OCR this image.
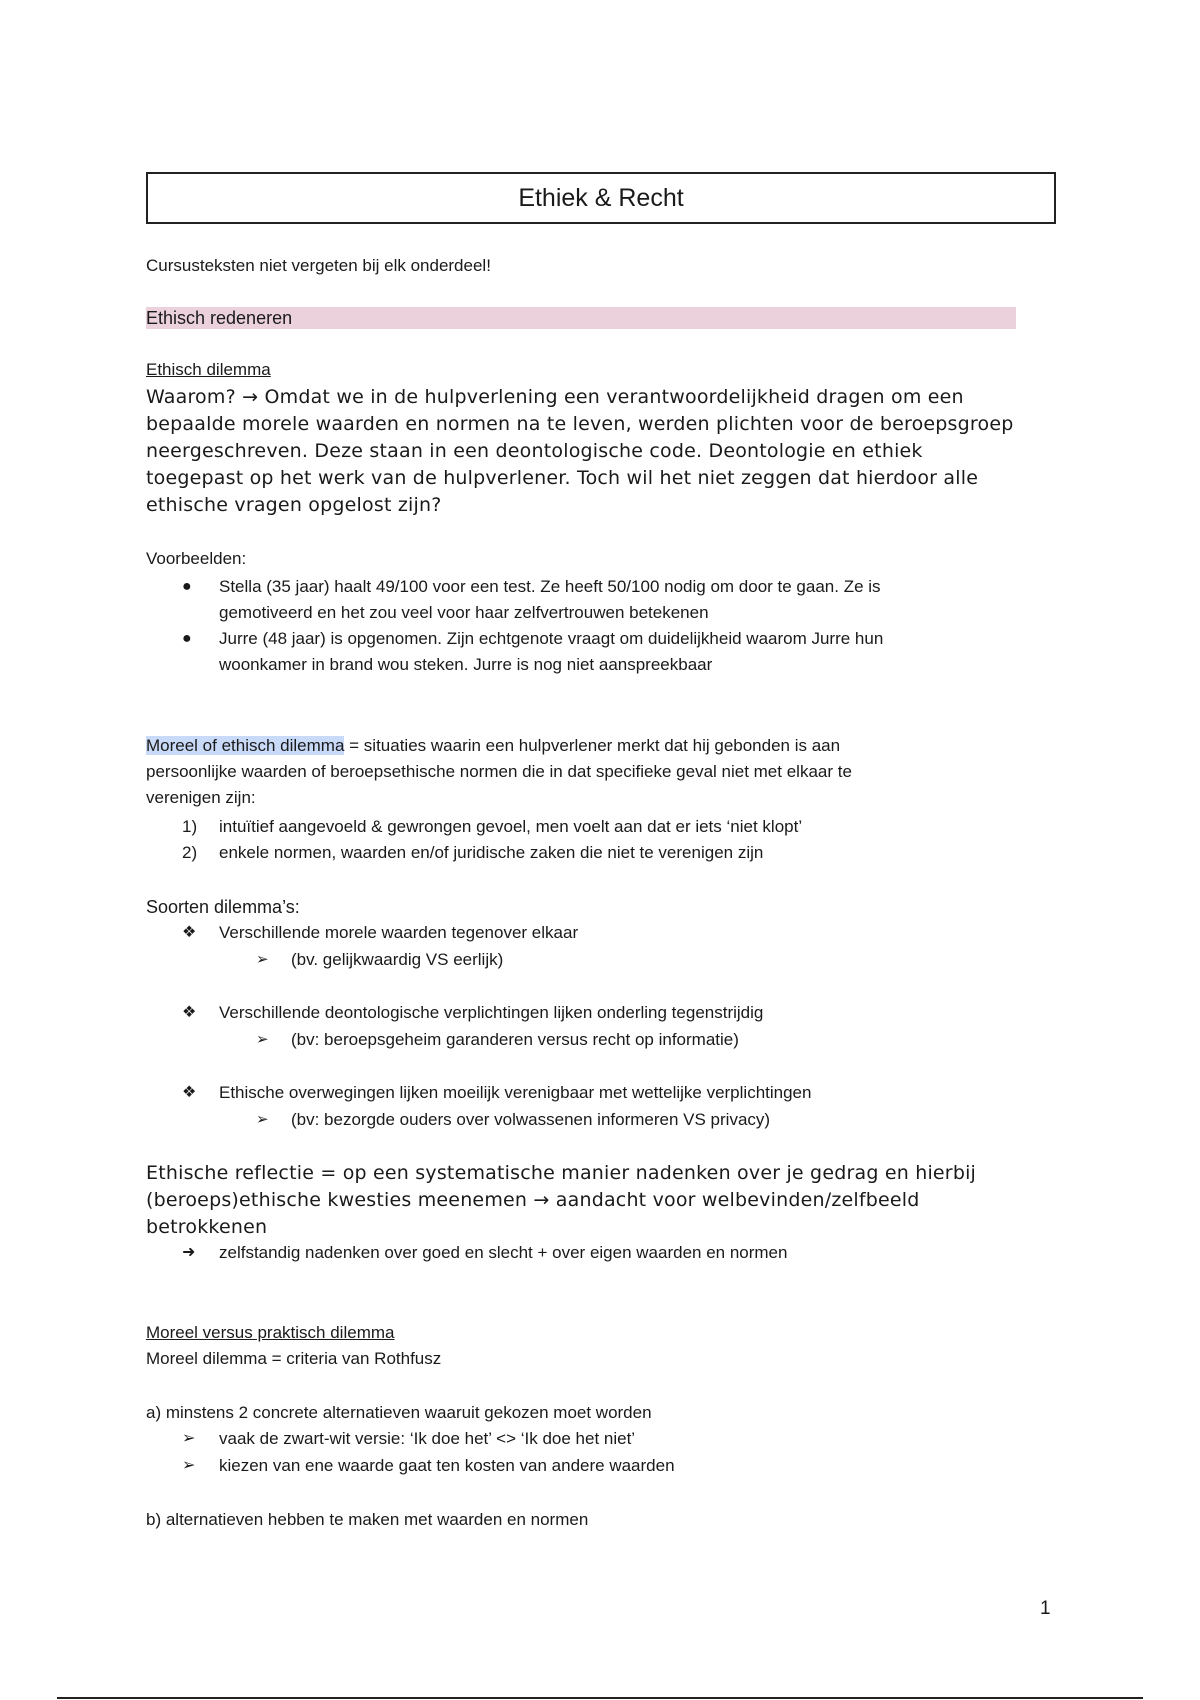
Ethiek & Recht
Cursusteksten niet vergeten bij elk onderdeel!
Ethisch redeneren
Ethisch dilemma
Waarom? → Omdat we in de hulpverlening een verantwoordelijkheid dragen om een
bepaalde morele waarden en normen na te leven, werden plichten voor de beroepsgroep
neergeschreven. Deze staan in een deontologische code. Deontologie en ethiek
toegepast op het werk van de hulpverlener. Toch wil het niet zeggen dat hierdoor alle
ethische vragen opgelost zijn?
Voorbeelden:
● Stella (35 jaar) haalt 49/100 voor een test. Ze heeft 50/100 nodig om door te gaan. Ze is
gemotiveerd en het zou veel voor haar zelfvertrouwen betekenen
● Jurre (48 jaar) is opgenomen. Zijn echtgenote vraagt om duidelijkheid waarom Jurre hun
woonkamer in brand wou steken. Jurre is nog niet aanspreekbaar
Moreel of ethisch dilemma = situaties waarin een hulpverlener merkt dat hij gebonden is aan
persoonlijke waarden of beroepsethische normen die in dat specifieke geval niet met elkaar te
verenigen zijn:
1) intuïtief aangevoeld & gewrongen gevoel, men voelt aan dat er iets ‘niet klopt’
2) enkele normen, waarden en/of juridische zaken die niet te verenigen zijn
Soorten dilemma’s:
❖ Verschillende morele waarden tegenover elkaar
➢ (bv. gelijkwaardig VS eerlijk)
❖ Verschillende deontologische verplichtingen lijken onderling tegenstrijdig
➢ (bv: beroepsgeheim garanderen versus recht op informatie)
❖ Ethische overwegingen lijken moeilijk verenigbaar met wettelijke verplichtingen
➢ (bv: bezorgde ouders over volwassenen informeren VS privacy)
Ethische reflectie = op een systematische manier nadenken over je gedrag en hierbij
(beroeps)ethische kwesties meenemen → aandacht voor welbevinden/zelfbeeld
betrokkenen
➜ zelfstandig nadenken over goed en slecht + over eigen waarden en normen
Moreel versus praktisch dilemma
Moreel dilemma = criteria van Rothfusz
a) minstens 2 concrete alternatieven waaruit gekozen moet worden
➢ vaak de zwart-wit versie: ‘Ik doe het’ <> ‘Ik doe het niet’
➢ kiezen van ene waarde gaat ten kosten van andere waarden
b) alternatieven hebben te maken met waarden en normen
1
